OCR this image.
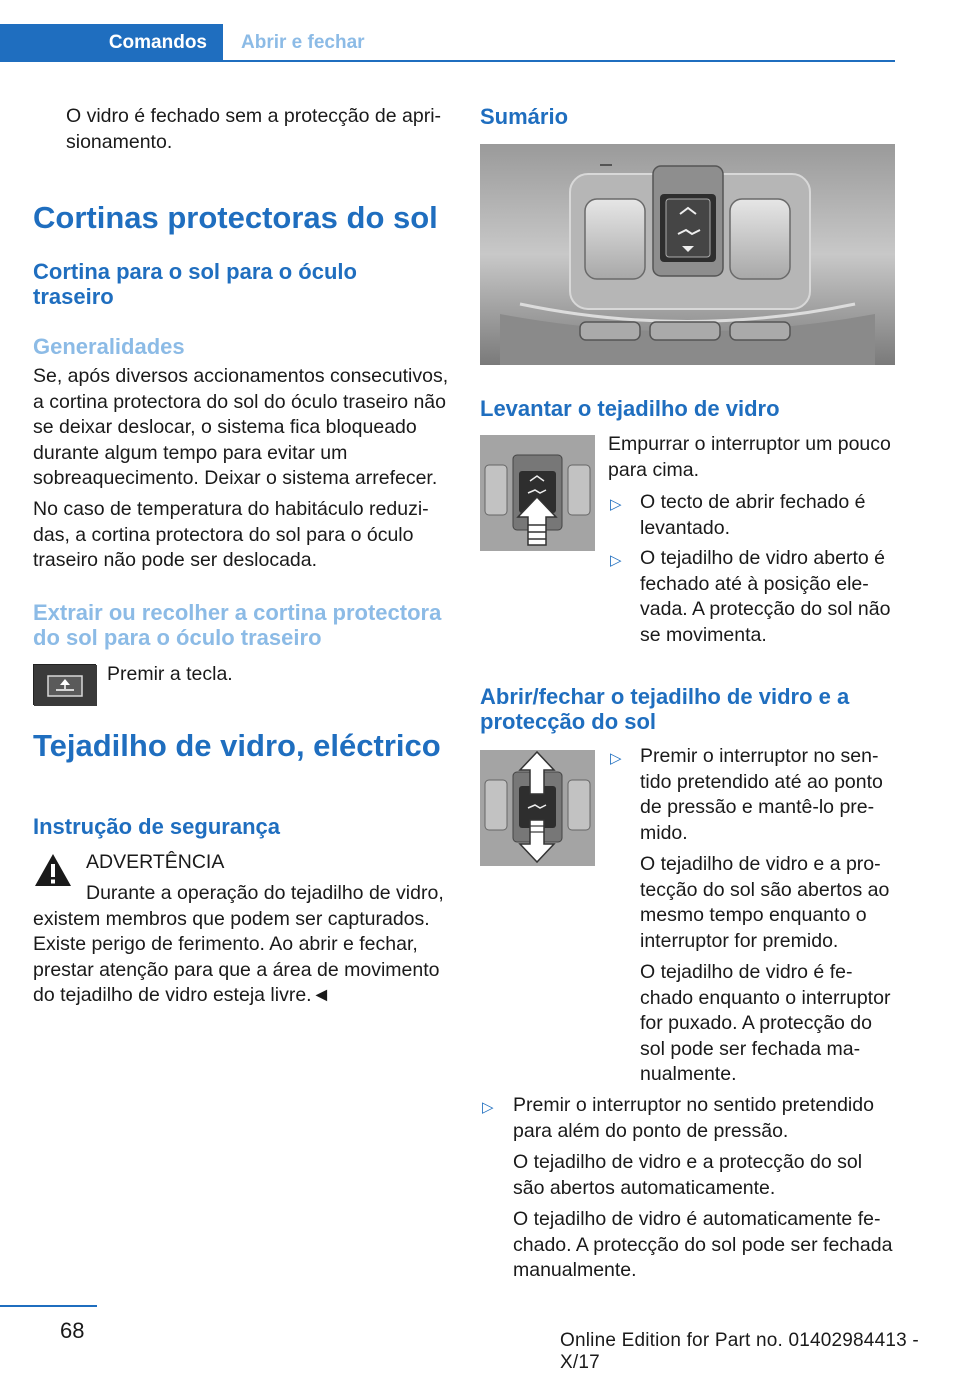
Comandos	Abrir e fechar

O vidro é fechado sem a protecção de aprisionamento.

Cortinas protectoras do sol
Cortina para o sol para o óculo traseiro
Generalidades

Se, após diversos accionamentos consecutivos, a cortina protectora do sol do óculo traseiro não se deixar deslocar, o sistema fica bloqueado durante algum tempo para evitar um sobreaquecimento. Deixar o sistema arrefecer.

No caso de temperatura do habitáculo reduzidas, a cortina protectora do sol para o óculo traseiro não pode ser deslocada.

Extrair ou recolher a cortina protectora do sol para o óculo traseiro

Premir a tecla.

Tejadilho de vidro, eléctrico
Instrução de segurança

ADVERTÊNCIA

Durante a operação do tejadilho de vidro, existem membros que podem ser capturados. Existe perigo de ferimento. Ao abrir e fechar, prestar atenção para que a área de movimento do tejadilho de vidro esteja livre.◄

Sumário
Levantar o tejadilho de vidro

Empurrar o interruptor um pouco para cima.

▷ O tecto de abrir fechado é levantado.

▷ O tejadilho de vidro aberto é fechado até à posição elevada. A protecção do sol não se movimenta.

Abrir/fechar o tejadilho de vidro e a protecção do sol
▷ Premir o interruptor no sentido pretendido até ao ponto de pressão e mantê-lo premido.

O tejadilho de vidro e a protecção do sol são abertos ao mesmo tempo enquanto o interruptor for premido.

O tejadilho de vidro é fechado enquanto o interruptor for puxado. A protecção do sol pode ser fechada manualmente.

▷ Premir o interruptor no sentido pretendido para além do ponto de pressão.

O tejadilho de vidro e a protecção do sol são abertos automaticamente.

O tejadilho de vidro é automaticamente fechado. A protecção do sol pode ser fechada manualmente.

68	Online Edition for Part no. 01402984413 - X/17
